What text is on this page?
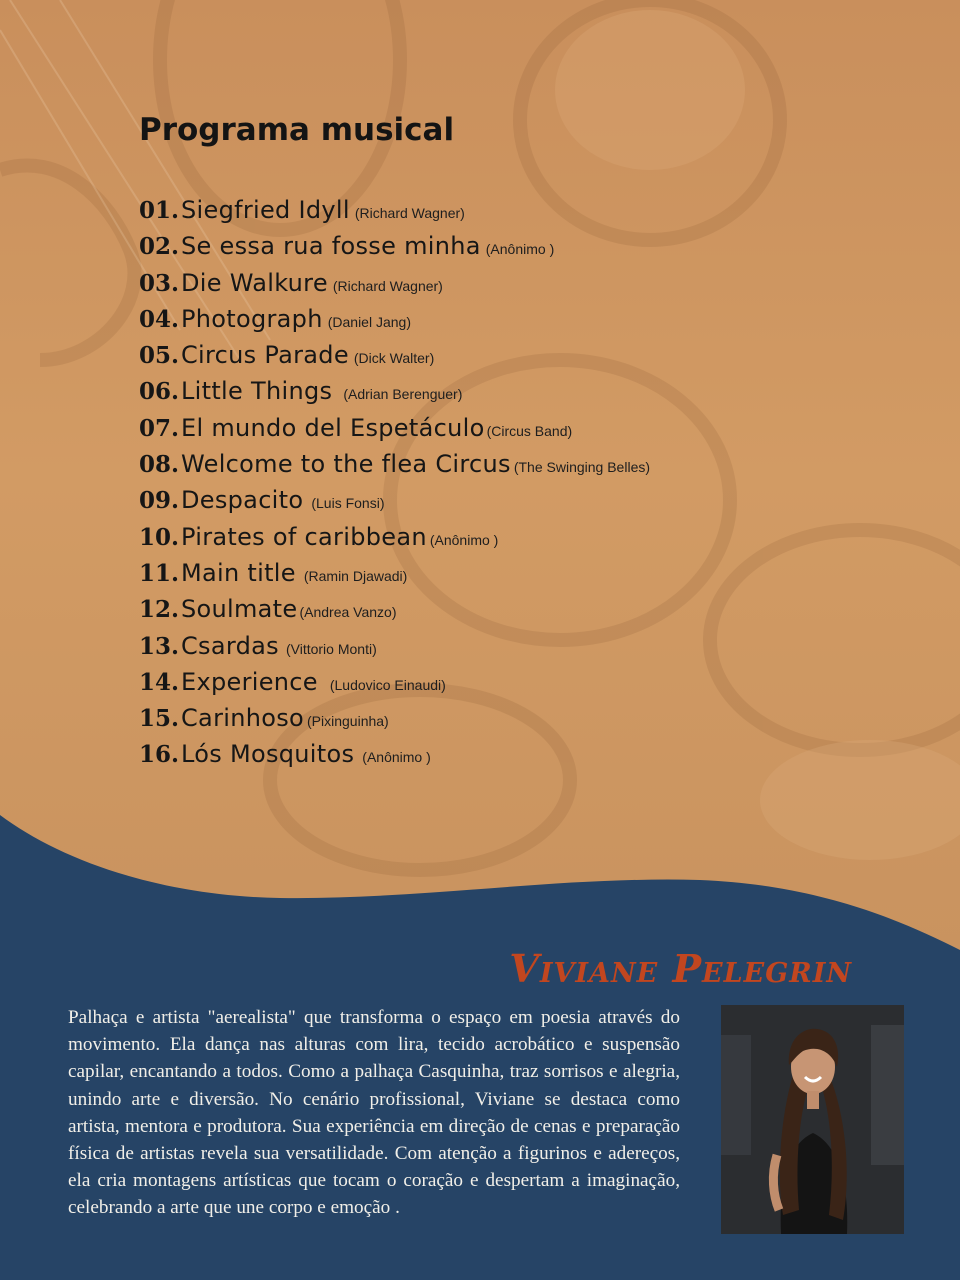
Programa musical
01. Siegfried Idyll (Richard Wagner)
02. Se essa rua fosse minha (Anônimo )
03. Die Walkure (Richard Wagner)
04. Photograph (Daniel Jang)
05. Circus Parade (Dick Walter)
06. Little Things (Adrian Berenguer)
07. El mundo del Espetáculo (Circus Band)
08. Welcome to the flea Circus (The Swinging Belles)
09. Despacito (Luis Fonsi)
10. Pirates of caribbean (Anônimo )
11. Main title (Ramin Djawadi)
12. Soulmate (Andrea Vanzo)
13. Csardas (Vittorio Monti)
14. Experience (Ludovico Einaudi)
15. Carinhoso (Pixinguinha)
16. Lós Mosquitos (Anônimo )
Viviane Pelegrin

Palhaça e artista "aerealista" que transforma o espaço em poesia através do movimento. Ela dança nas alturas com lira, tecido acrobático e suspensão capilar, encantando a todos. Como a palhaça Casquinha, traz sorrisos e alegria, unindo arte e diversão. No cenário profissional, Viviane se destaca como artista, mentora e produtora. Sua experiência em direção de cenas e preparação física de artistas revela sua versatilidade. Com atenção a figurinos e adereços, ela cria montagens artísticas que tocam o coração e despertam a imaginação, celebrando a arte que une corpo e emoção .
